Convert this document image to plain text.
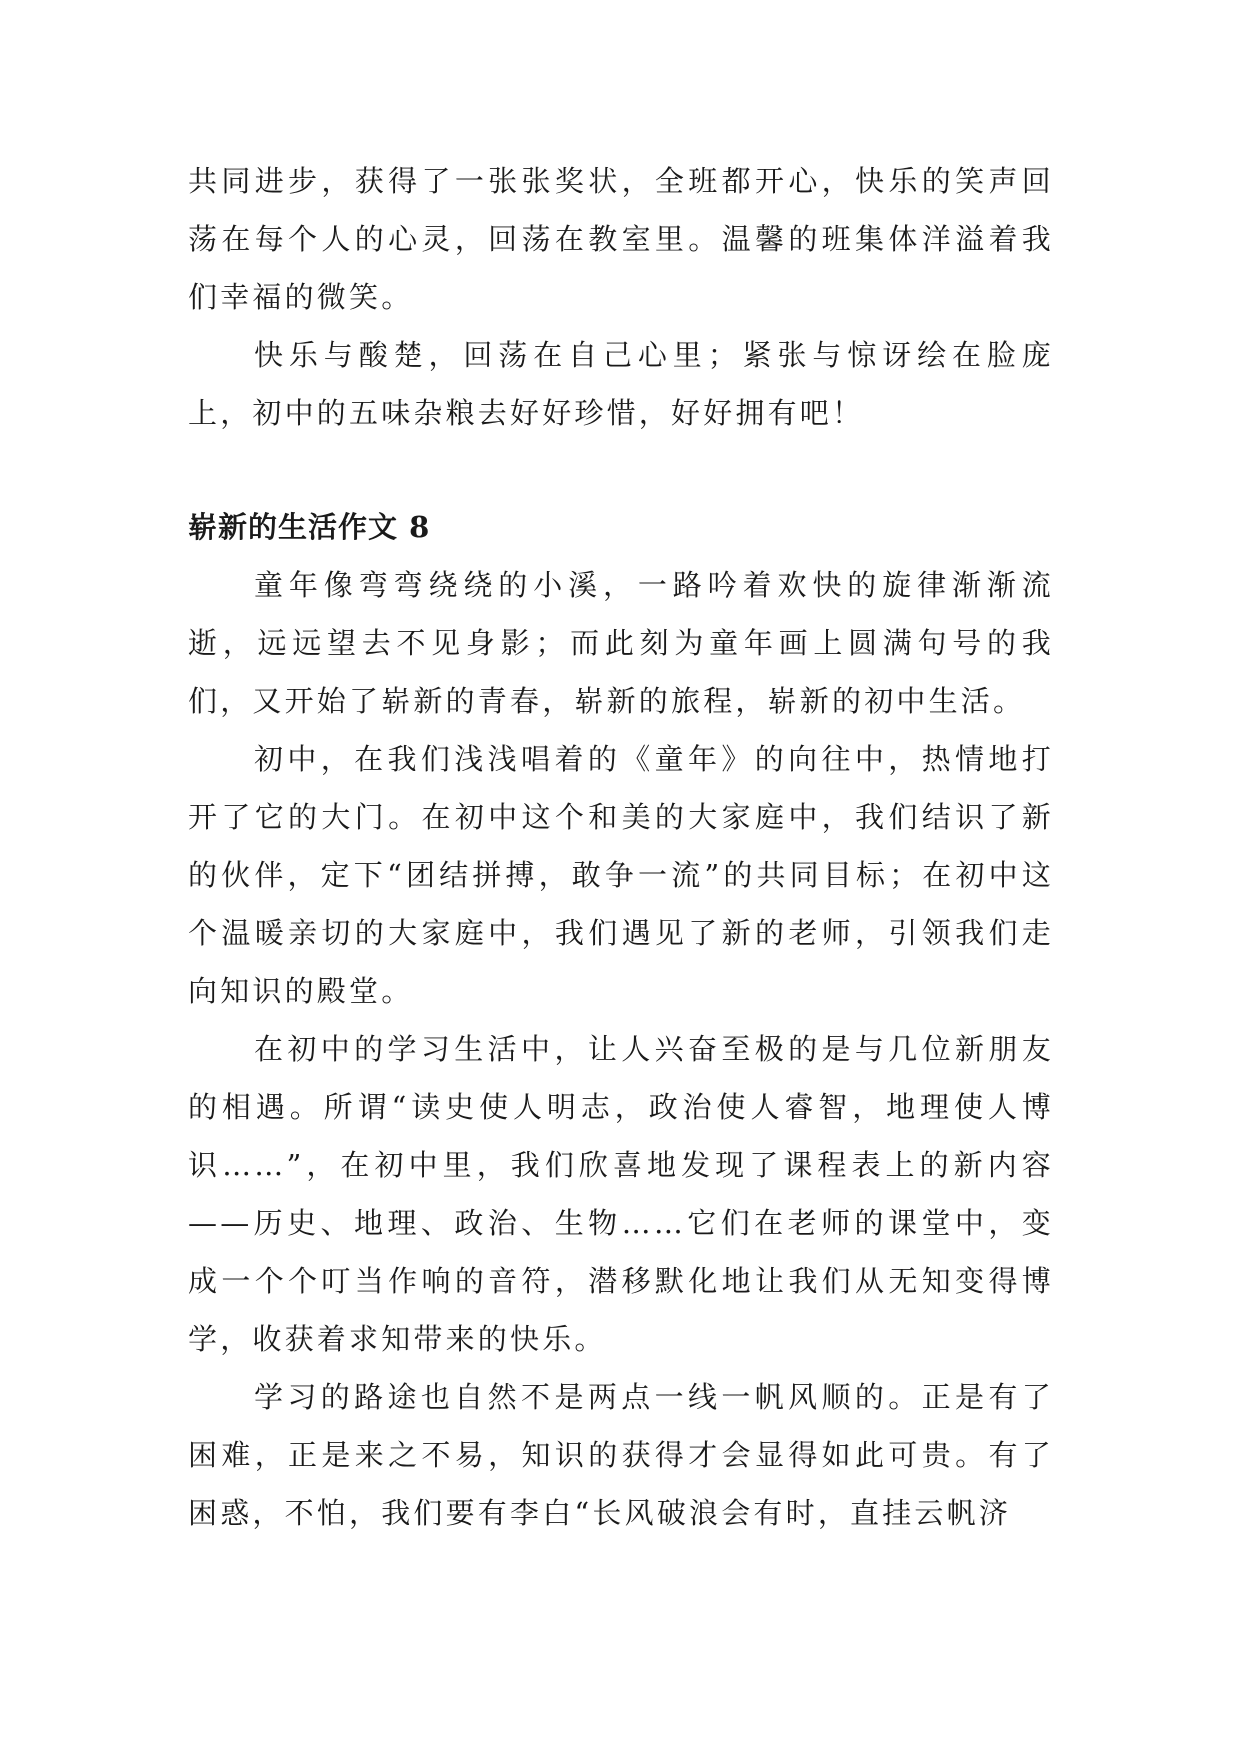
共同进步，获得了一张张奖状，全班都开心，快乐的笑声回荡在每个人的心灵，回荡在教室里。温馨的班集体洋溢着我们幸福的微笑。

快乐与酸楚，回荡在自己心里；紧张与惊讶绘在脸庞上，初中的五味杂粮去好好珍惜，好好拥有吧！

崭新的生活作文 8

童年像弯弯绕绕的小溪，一路吟着欢快的旋律渐渐流逝，远远望去不见身影；而此刻为童年画上圆满句号的我们，又开始了崭新的青春，崭新的旅程，崭新的初中生活。

初中，在我们浅浅唱着的《童年》的向往中，热情地打开了它的大门。在初中这个和美的大家庭中，我们结识了新的伙伴，定下“团结拼搏，敢争一流”的共同目标；在初中这个温暖亲切的大家庭中，我们遇见了新的老师，引领我们走向知识的殿堂。

在初中的学习生活中，让人兴奋至极的是与几位新朋友的相遇。所谓“读史使人明志，政治使人睿智，地理使人博识……”，在初中里，我们欣喜地发现了课程表上的新内容——历史、地理、政治、生物……它们在老师的课堂中，变成一个个叮当作响的音符，潜移默化地让我们从无知变得博学，收获着求知带来的快乐。

学习的路途也自然不是两点一线一帆风顺的。正是有了困难，正是来之不易，知识的获得才会显得如此可贵。有了困惑，不怕，我们要有李白“长风破浪会有时，直挂云帆济
